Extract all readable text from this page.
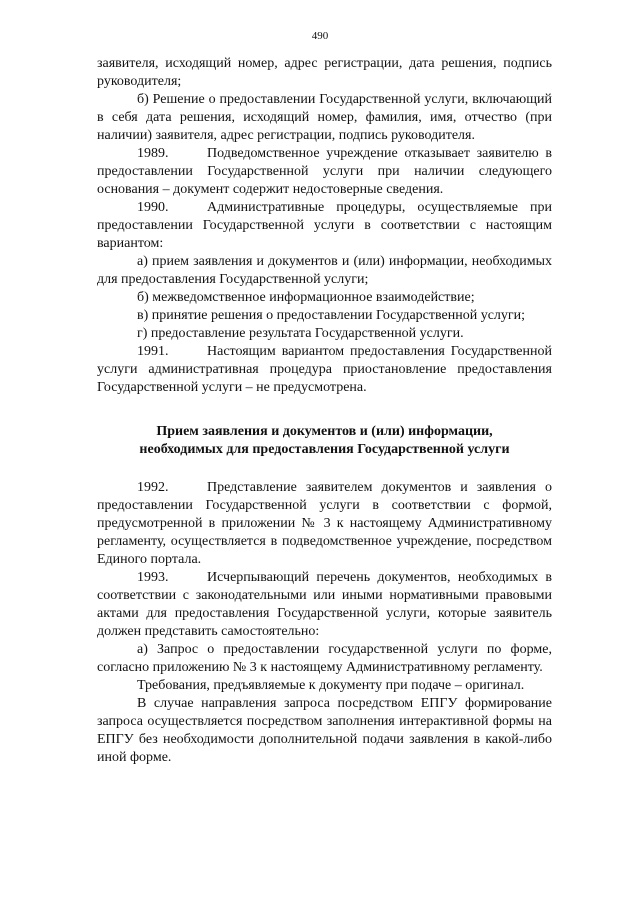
490

заявителя, исходящий номер, адрес регистрации, дата решения, подпись руководителя;

б) Решение о предоставлении Государственной услуги, включающий в себя дата решения, исходящий номер, фамилия, имя, отчество (при наличии) заявителя, адрес регистрации, подпись руководителя.

1989.	Подведомственное учреждение отказывает заявителю в предоставлении Государственной услуги при наличии следующего основания – документ содержит недостоверные сведения.

1990.	Административные процедуры, осуществляемые при предоставлении Государственной услуги в соответствии с настоящим вариантом:

а) прием заявления и документов и (или) информации, необходимых для предоставления Государственной услуги;

б) межведомственное информационное взаимодействие;

в) принятие решения о предоставлении Государственной услуги;

г) предоставление результата Государственной услуги.

1991.	Настоящим вариантом предоставления Государственной услуги административная процедура приостановление предоставления Государственной услуги – не предусмотрена.

Прием заявления и документов и (или) информации,
необходимых для предоставления Государственной услуги

1992.	Представление заявителем документов и заявления о предоставлении Государственной услуги в соответствии с формой, предусмотренной в приложении № 3 к настоящему Административному регламенту, осуществляется в подведомственное учреждение, посредством Единого портала.

1993.	Исчерпывающий перечень документов, необходимых в соответствии с законодательными или иными нормативными правовыми актами для предоставления Государственной услуги, которые заявитель должен представить самостоятельно:

а) Запрос о предоставлении государственной услуги по форме, согласно приложению № 3 к настоящему Административному регламенту.

Требования, предъявляемые к документу при подаче – оригинал.

В случае направления запроса посредством ЕПГУ формирование запроса осуществляется посредством заполнения интерактивной формы на ЕПГУ без необходимости дополнительной подачи заявления в какой-либо иной форме.
